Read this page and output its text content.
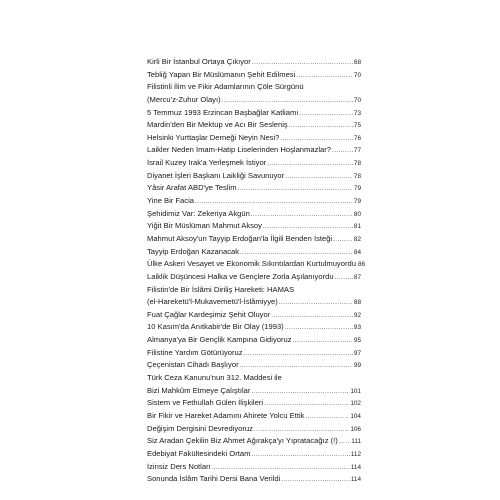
Kirli Bir İstanbul Ortaya Çıkıyor .....	68
Tebliğ Yapan Bir Müslümanın Şehit Edilmesi .....	70
Filistinli İlim ve Fikir Adamlarının Çöle Sürgünü
(Mercu'z-Zuhur Olayı) .....	70
5 Temmuz 1993 Erzincan Başbağlar Katliamı .....	73
Mardin'den Bir Mektup ve Acı Bir Sesleniş .....	75
Helsinki Yurttaşlar Derneği Neyin Nesi? .....	76
Laikler Neden İmam-Hatip Liselerinden Hoşlanmazlar? .....	77
İsrail Kuzey Irak'a Yerleşmek İstiyor .....	78
Diyanet İşleri Başkanı Laikliği Savunuyor .....	78
Yâsir Arafat ABD'ye Teslim .....	79
Yine Bir Facia .....	79
Şehidimiz Var: Zekeriya Akgün .....	80
Yiğit Bir Müslüman Mahmut Aksoy .....	81
Mahmut Aksoy'un Tayyip Erdoğan'la İlgili Benden İsteği .....	82
Tayyip Erdoğan Kazanacak .....	84
Ülke Askeri Vesayet ve Ekonomik Sıkıntılardan Kurtulmuyordu 86
Laiklik Düşüncesi Halka ve Gençlere Zorla Aşılanıyordu .....	87
Filistin'de Bir İslâmi Diriliş Hareketi: HAMAS
(el-Hareketü'l-Mukavemetü'l-İslâmiyye) .....	88
Fuat Çağlar Kardeşimiz Şehit Oluyor .....	92
10 Kasım'da Anıtkabir'de Bir Olay (1993) .....	93
Almanya'ya Bir Gençlik Kampına Gidiyoruz .....	95
Filistine Yardım Götürüyoruz .....	97
Çeçenistan Cihadı Başlıyor .....	99
Türk Ceza Kanunu'nun 312. Maddesi ile
Bizi Mahkûm Etmeye Çalıştılar .....	101
Sistem ve Fethullah Gülen İlişkileri .....	102
Bir Fikir ve Hareket Adamını Ahirete Yolcu Ettik .....	104
Değişim Dergisini Devrediyoruz .....	106
Siz Aradan Çekilin Biz Ahmet Ağırakça'yı Yıpratacağız (!) ..... 111
Edebiyat Fakültesindeki Ortam .....	112
İzinsiz Ders Notları .....	114
Sonunda İslâm Tarihi Dersi Bana Verildi .....	114
